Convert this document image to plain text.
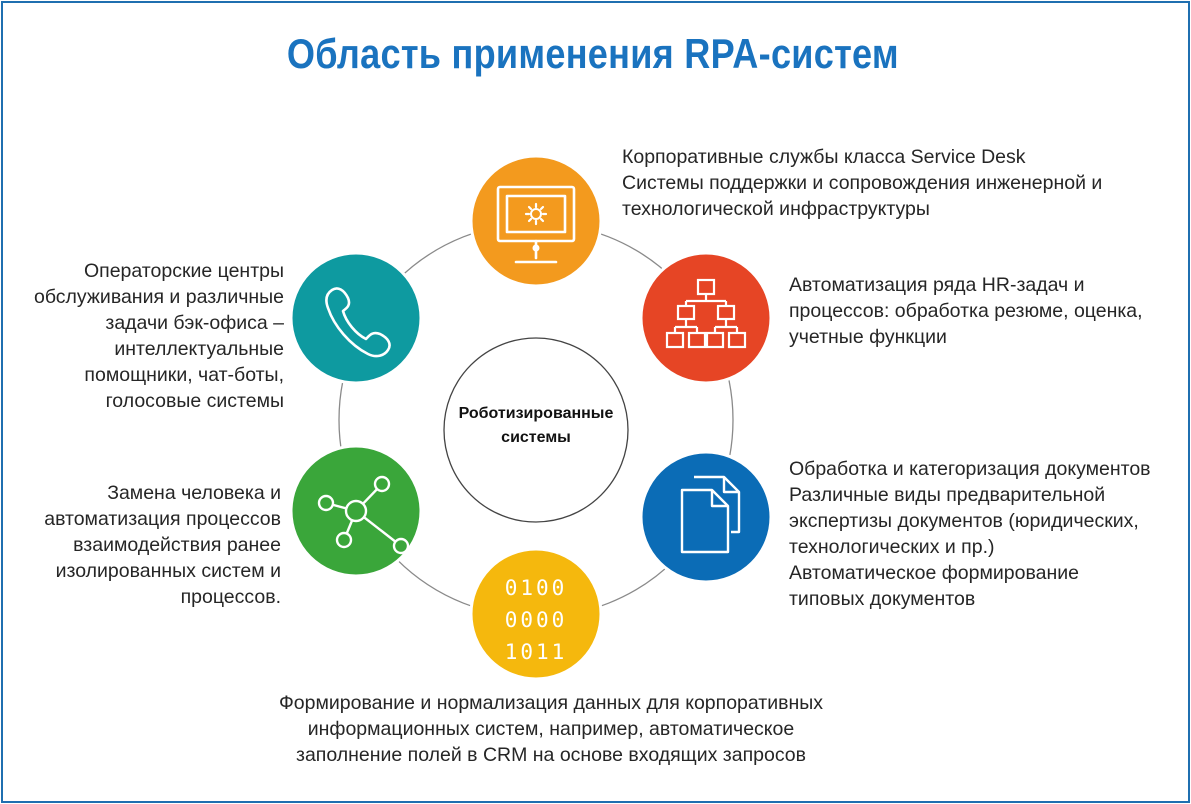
Область применения RPA-систем
Роботизированные
системы
0100
0000
1011
Корпоративные службы класса Service Desk
Системы поддержки и сопровождения инженерной и
технологической инфраструктуры
Автоматизация ряда HR-задач и
процессов: обработка резюме, оценка,
учетные функции
Обработка и категоризация документов
Различные виды предварительной
экспертизы документов (юридических,
технологических и пр.)
Автоматическое формирование
типовых документов
Формирование и нормализация данных для корпоративных
информационных систем, например, автоматическое
заполнение полей в CRM на основе входящих запросов
Замена человека и
автоматизация процессов
взаимодействия ранее
изолированных систем и
процессов.
Операторские центры
обслуживания и различные
задачи бэк-офиса –
интеллектуальные
помощники, чат-боты,
голосовые системы
